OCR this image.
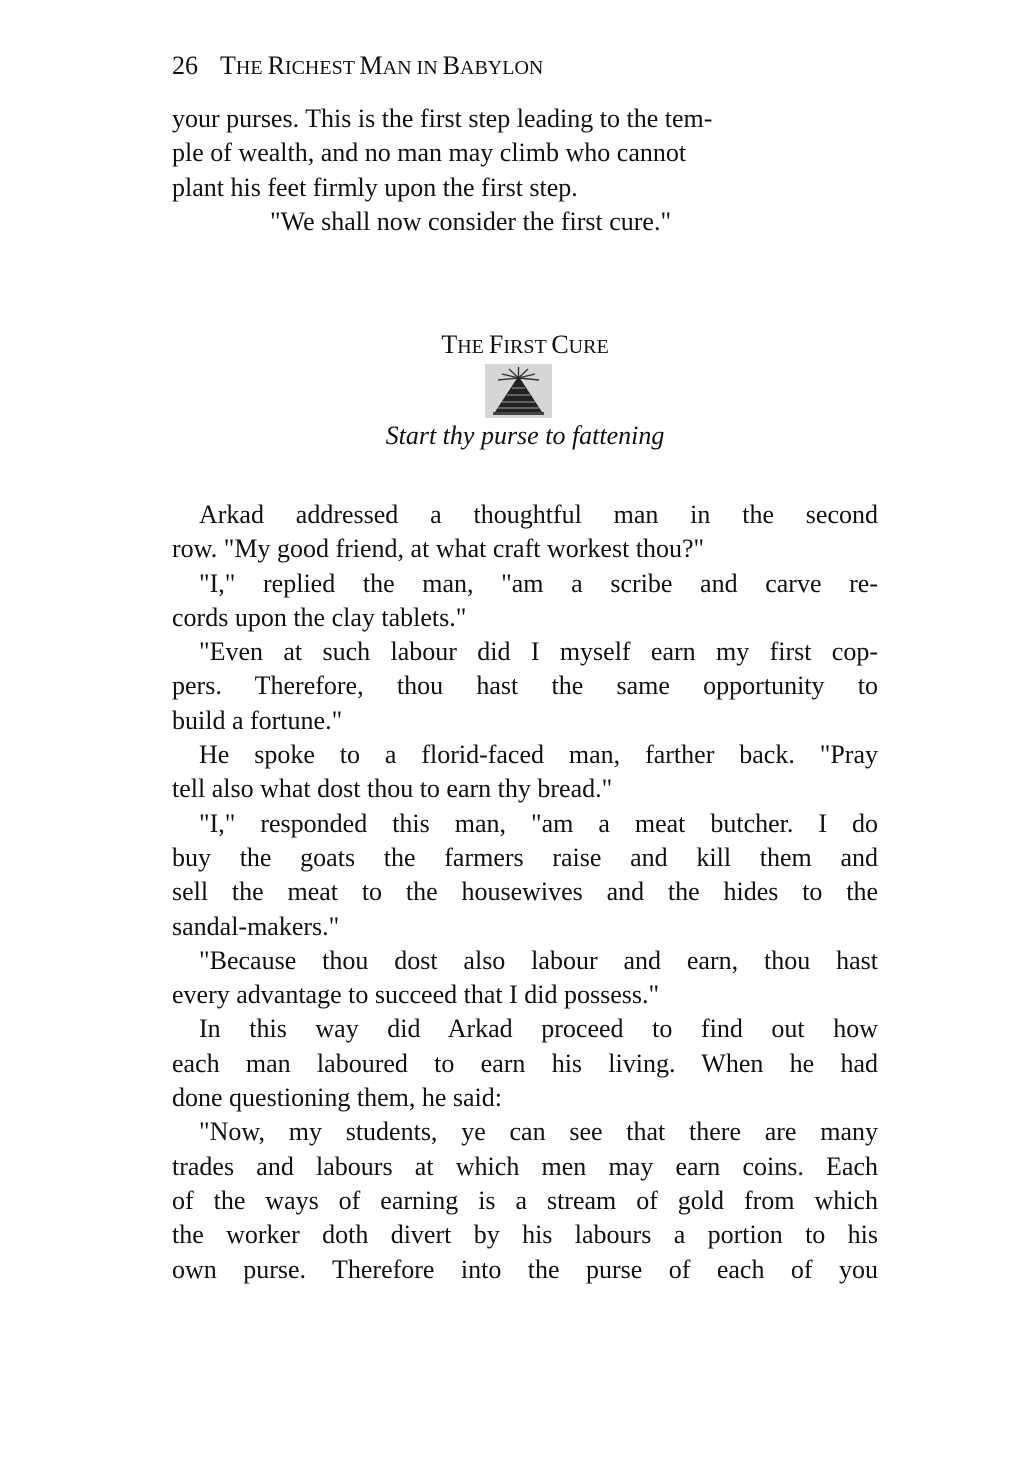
26 THE RICHEST MAN IN BABYLON
your purses. This is the first step leading to the tem-
ple of wealth, and no man may climb who cannot
plant his feet firmly upon the first step.
"We shall now consider the first cure."
THE FIRST CURE
Start thy purse to fattening
Arkad addressed a thoughtful man in the second
row. "My good friend, at what craft workest thou?"
"I," replied the man, "am a scribe and carve re-
cords upon the clay tablets."
"Even at such labour did I myself earn my first cop-
pers. Therefore, thou hast the same opportunity to
build a fortune."
He spoke to a florid-faced man, farther back. "Pray
tell also what dost thou to earn thy bread."
"I," responded this man, "am a meat butcher. I do
buy the goats the farmers raise and kill them and
sell the meat to the housewives and the hides to the
sandal-makers."
"Because thou dost also labour and earn, thou hast
every advantage to succeed that I did possess."
In this way did Arkad proceed to find out how
each man laboured to earn his living. When he had
done questioning them, he said:
"Now, my students, ye can see that there are many
trades and labours at which men may earn coins. Each
of the ways of earning is a stream of gold from which
the worker doth divert by his labours a portion to his
own purse. Therefore into the purse of each of you
